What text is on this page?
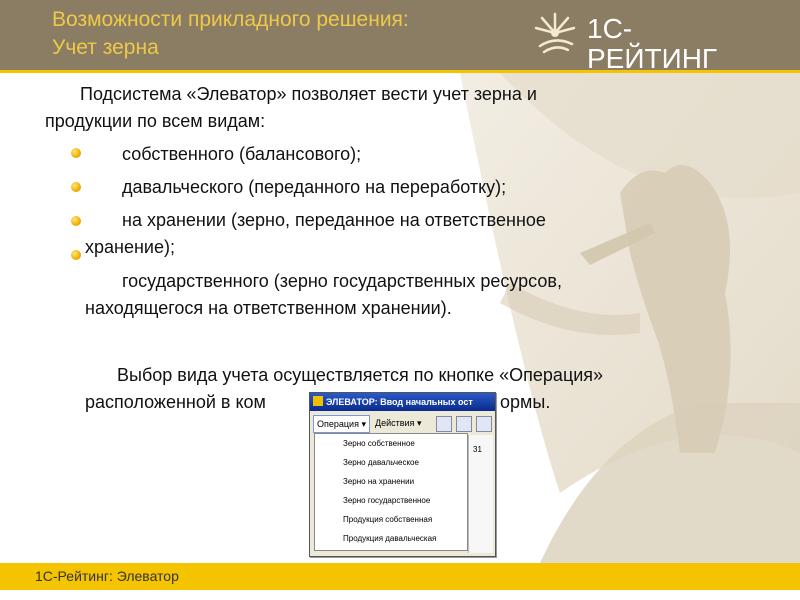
Возможности прикладного решения:
Учет зерна
1С-РЕЙТИНГ
Подсистема «Элеватор» позволяет вести учет зерна и
продукции по всем видам:
собственного (балансового);
давальческого (переданного на переработку);
на хранении (зерно, переданное на ответственное
хранение);
государственного (зерно государственных ресурсов,
находящегося на ответственном хранении).
Выбор вида учета осуществляется по кнопке «Операция»
расположенной в ком	ормы.
ЭЛЕВАТОР: Ввод начальных ост
Операция ▾	Действия ▾
Зерно собственное
Зерно давальческое
Зерно на хранении
Зерно государственное
Продукция собственная
Продукция давальческая
31
1С-Рейтинг: Элеватор
